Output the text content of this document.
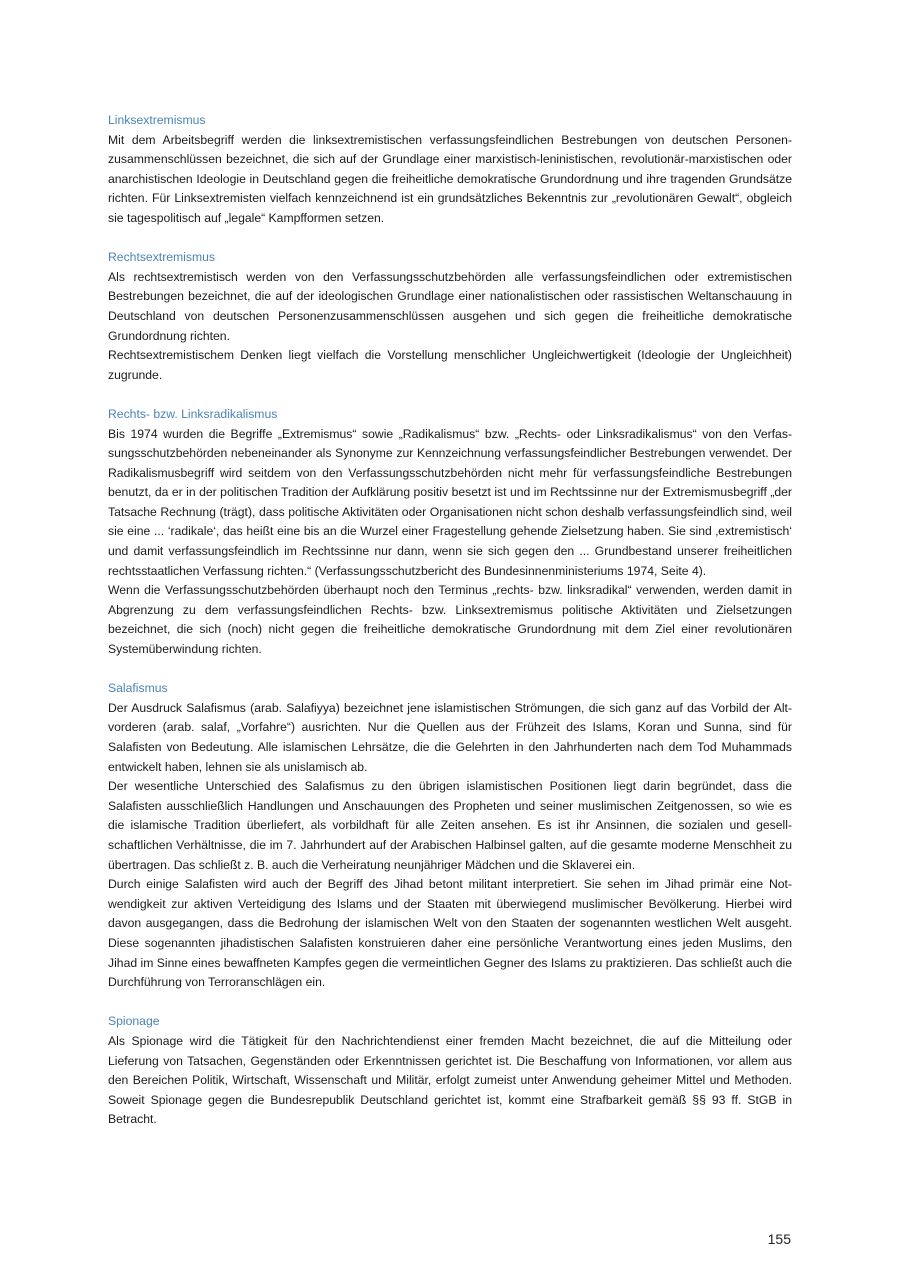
Linksextremismus

Mit dem Arbeitsbegriff werden die linksextremistischen verfassungsfeindlichen Bestrebungen von deutschen Personenzusammenschlüssen bezeichnet, die sich auf der Grundlage einer marxistisch-leninistischen, revolutionär-marxistischen oder anarchistischen Ideologie in Deutschland gegen die freiheitliche demokratische Grundordnung und ihre tragenden Grundsätze richten. Für Linksextremisten vielfach kennzeichnend ist ein grundsätzliches Bekenntnis zur „revolutionären Gewalt“, obgleich sie tagespolitisch auf „legale“ Kampfformen setzen.

Rechtsextremismus

Als rechtsextremistisch werden von den Verfassungsschutzbehörden alle verfassungsfeindlichen oder extremistischen Bestrebungen bezeichnet, die auf der ideologischen Grundlage einer nationalistischen oder rassistischen Weltanschauung in Deutschland von deutschen Personenzusammenschlüssen ausgehen und sich gegen die freiheitliche demokratische Grundordnung richten.

Rechtsextremistischem Denken liegt vielfach die Vorstellung menschlicher Ungleichwertigkeit (Ideologie der Ungleichheit) zugrunde.

Rechts- bzw. Linksradikalismus

Bis 1974 wurden die Begriffe „Extremismus“ sowie „Radikalismus“ bzw. „Rechts- oder Linksradikalismus“ von den Verfassungsschutzbehörden nebeneinander als Synonyme zur Kennzeichnung verfassungsfeindlicher Bestrebungen verwendet. Der Radikalismusbegriff wird seitdem von den Verfassungsschutzbehörden nicht mehr für verfassungsfeindliche Bestrebungen benutzt, da er in der politischen Tradition der Aufklärung positiv besetzt ist und im Rechtssinne nur der Extremismusbegriff „der Tatsache Rechnung (trägt), dass politische Aktivitäten oder Organisationen nicht schon deshalb verfassungsfeindlich sind, weil sie eine ... ‘radikale‘, das heißt eine bis an die Wurzel einer Fragestellung gehende Zielsetzung haben. Sie sind ‚extremistisch‘ und damit verfassungsfeindlich im Rechtssinne nur dann, wenn sie sich gegen den ... Grundbestand unserer freiheitlichen rechtsstaatlichen Verfassung richten.“ (Verfassungsschutzbericht des Bundesinnenministeriums 1974, Seite 4).

Wenn die Verfassungsschutzbehörden überhaupt noch den Terminus „rechts- bzw. linksradikal“ verwenden, werden damit in Abgrenzung zu dem verfassungsfeindlichen Rechts- bzw. Linksextremismus politische Aktivitäten und Zielsetzungen bezeichnet, die sich (noch) nicht gegen die freiheitliche demokratische Grundordnung mit dem Ziel einer revolutionären Systemüberwindung richten.

Salafismus

Der Ausdruck Salafismus (arab. Salafiyya) bezeichnet jene islamistischen Strömungen, die sich ganz auf das Vorbild der Altvorderen (arab. salaf, „Vorfahre“) ausrichten. Nur die Quellen aus der Frühzeit des Islams, Koran und Sunna, sind für Salafisten von Bedeutung. Alle islamischen Lehrsätze, die die Gelehrten in den Jahrhunderten nach dem Tod Muhammads entwickelt haben, lehnen sie als unislamisch ab.

Der wesentliche Unterschied des Salafismus zu den übrigen islamistischen Positionen liegt darin begründet, dass die Salafisten ausschließlich Handlungen und Anschauungen des Propheten und seiner muslimischen Zeitgenossen, so wie es die islamische Tradition überliefert, als vorbildhaft für alle Zeiten ansehen. Es ist ihr Ansinnen, die sozialen und gesellschaftlichen Verhältnisse, die im 7. Jahrhundert auf der Arabischen Halbinsel galten, auf die gesamte moderne Menschheit zu übertragen. Das schließt z. B. auch die Verheiratung neunjähriger Mädchen und die Sklaverei ein.

Durch einige Salafisten wird auch der Begriff des Jihad betont militant interpretiert. Sie sehen im Jihad primär eine Notwendigkeit zur aktiven Verteidigung des Islams und der Staaten mit überwiegend muslimischer Bevölkerung. Hierbei wird davon ausgegangen, dass die Bedrohung der islamischen Welt von den Staaten der sogenannten westlichen Welt ausgeht. Diese sogenannten jihadistischen Salafisten konstruieren daher eine persönliche Verantwortung eines jeden Muslims, den Jihad im Sinne eines bewaffneten Kampfes gegen die vermeintlichen Gegner des Islams zu praktizieren. Das schließt auch die Durchführung von Terroranschlägen ein.

Spionage

Als Spionage wird die Tätigkeit für den Nachrichtendienst einer fremden Macht bezeichnet, die auf die Mitteilung oder Lieferung von Tatsachen, Gegenständen oder Erkenntnissen gerichtet ist. Die Beschaffung von Informationen, vor allem aus den Bereichen Politik, Wirtschaft, Wissenschaft und Militär, erfolgt zumeist unter Anwendung geheimer Mittel und Methoden. Soweit Spionage gegen die Bundesrepublik Deutschland gerichtet ist, kommt eine Strafbarkeit gemäß §§ 93 ff. StGB in Betracht.

155
